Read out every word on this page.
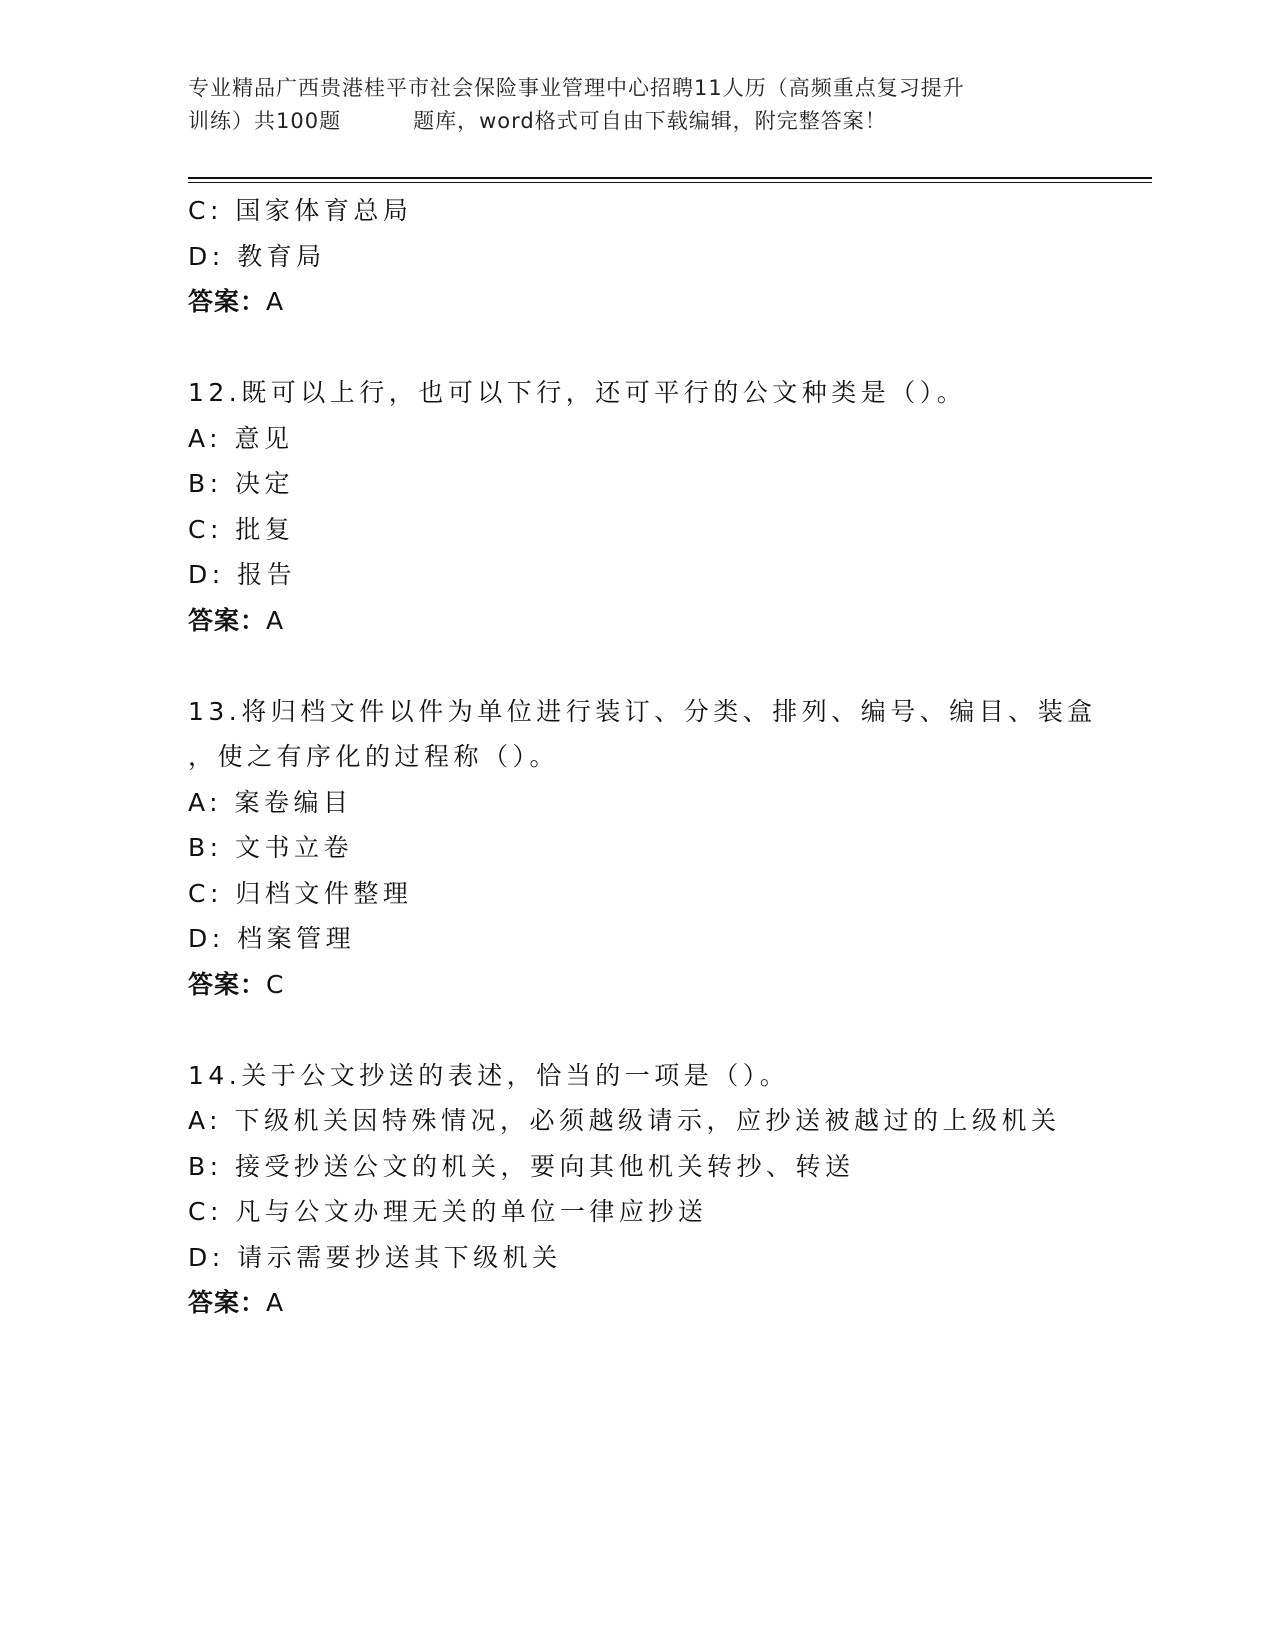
专业精品广西贵港桂平市社会保险事业管理中心招聘11人历（高频重点复习提升
训练）共100题	题库，word格式可自由下载编辑，附完整答案！
C: 国家体育总局
D: 教育局
答案：A
12.既可以上行，也可以下行，还可平行的公文种类是（）。
A: 意见
B: 决定
C: 批复
D: 报告
答案：A
13.将归档文件以件为单位进行装订、分类、排列、编号、编目、装盒
，使之有序化的过程称（）。
A: 案卷编目
B: 文书立卷
C: 归档文件整理
D: 档案管理
答案：C
14.关于公文抄送的表述，恰当的一项是（）。
A: 下级机关因特殊情况，必须越级请示，应抄送被越过的上级机关
B: 接受抄送公文的机关，要向其他机关转抄、转送
C: 凡与公文办理无关的单位一律应抄送
D: 请示需要抄送其下级机关
答案：A
